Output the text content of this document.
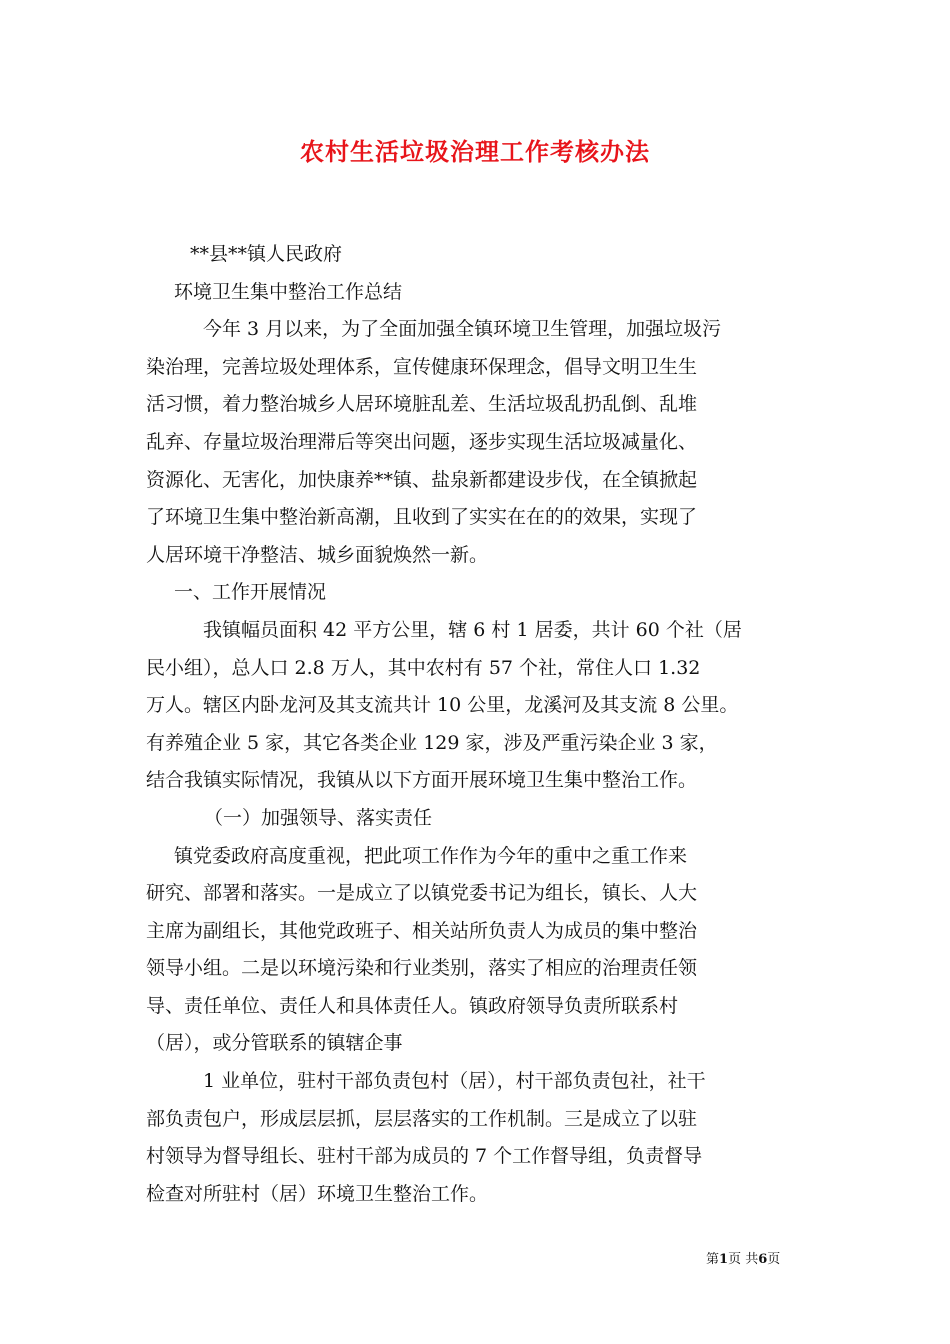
农村生活垃圾治理工作考核办法
**县**镇人民政府
环境卫生集中整治工作总结
今年 3 月以来，为了全面加强全镇环境卫生管理，加强垃圾污
染治理，完善垃圾处理体系，宣传健康环保理念，倡导文明卫生生
活习惯，着力整治城乡人居环境脏乱差、生活垃圾乱扔乱倒、乱堆
乱弃、存量垃圾治理滞后等突出问题，逐步实现生活垃圾减量化、
资源化、无害化，加快康养**镇、盐泉新都建设步伐，在全镇掀起
了环境卫生集中整治新高潮，且收到了实实在在的的效果，实现了
人居环境干净整洁、城乡面貌焕然一新。
一、工作开展情况
我镇幅员面积 42 平方公里，辖 6 村 1 居委，共计 60 个社（居
民小组），总人口 2.8 万人，其中农村有 57 个社，常住人口 1.32
万人。辖区内卧龙河及其支流共计 10 公里，龙溪河及其支流 8 公里。
有养殖企业 5 家，其它各类企业 129 家，涉及严重污染企业 3 家，
结合我镇实际情况，我镇从以下方面开展环境卫生集中整治工作。
（一）加强领导、落实责任
镇党委政府高度重视，把此项工作作为今年的重中之重工作来
研究、部署和落实。一是成立了以镇党委书记为组长，镇长、人大
主席为副组长，其他党政班子、相关站所负责人为成员的集中整治
领导小组。二是以环境污染和行业类别，落实了相应的治理责任领
导、责任单位、责任人和具体责任人。镇政府领导负责所联系村
（居），或分管联系的镇辖企事
1 业单位，驻村干部负责包村（居），村干部负责包社，社干
部负责包户，形成层层抓，层层落实的工作机制。三是成立了以驻
村领导为督导组长、驻村干部为成员的 7 个工作督导组，负责督导
检查对所驻村（居）环境卫生整治工作。
第1页 共6页
